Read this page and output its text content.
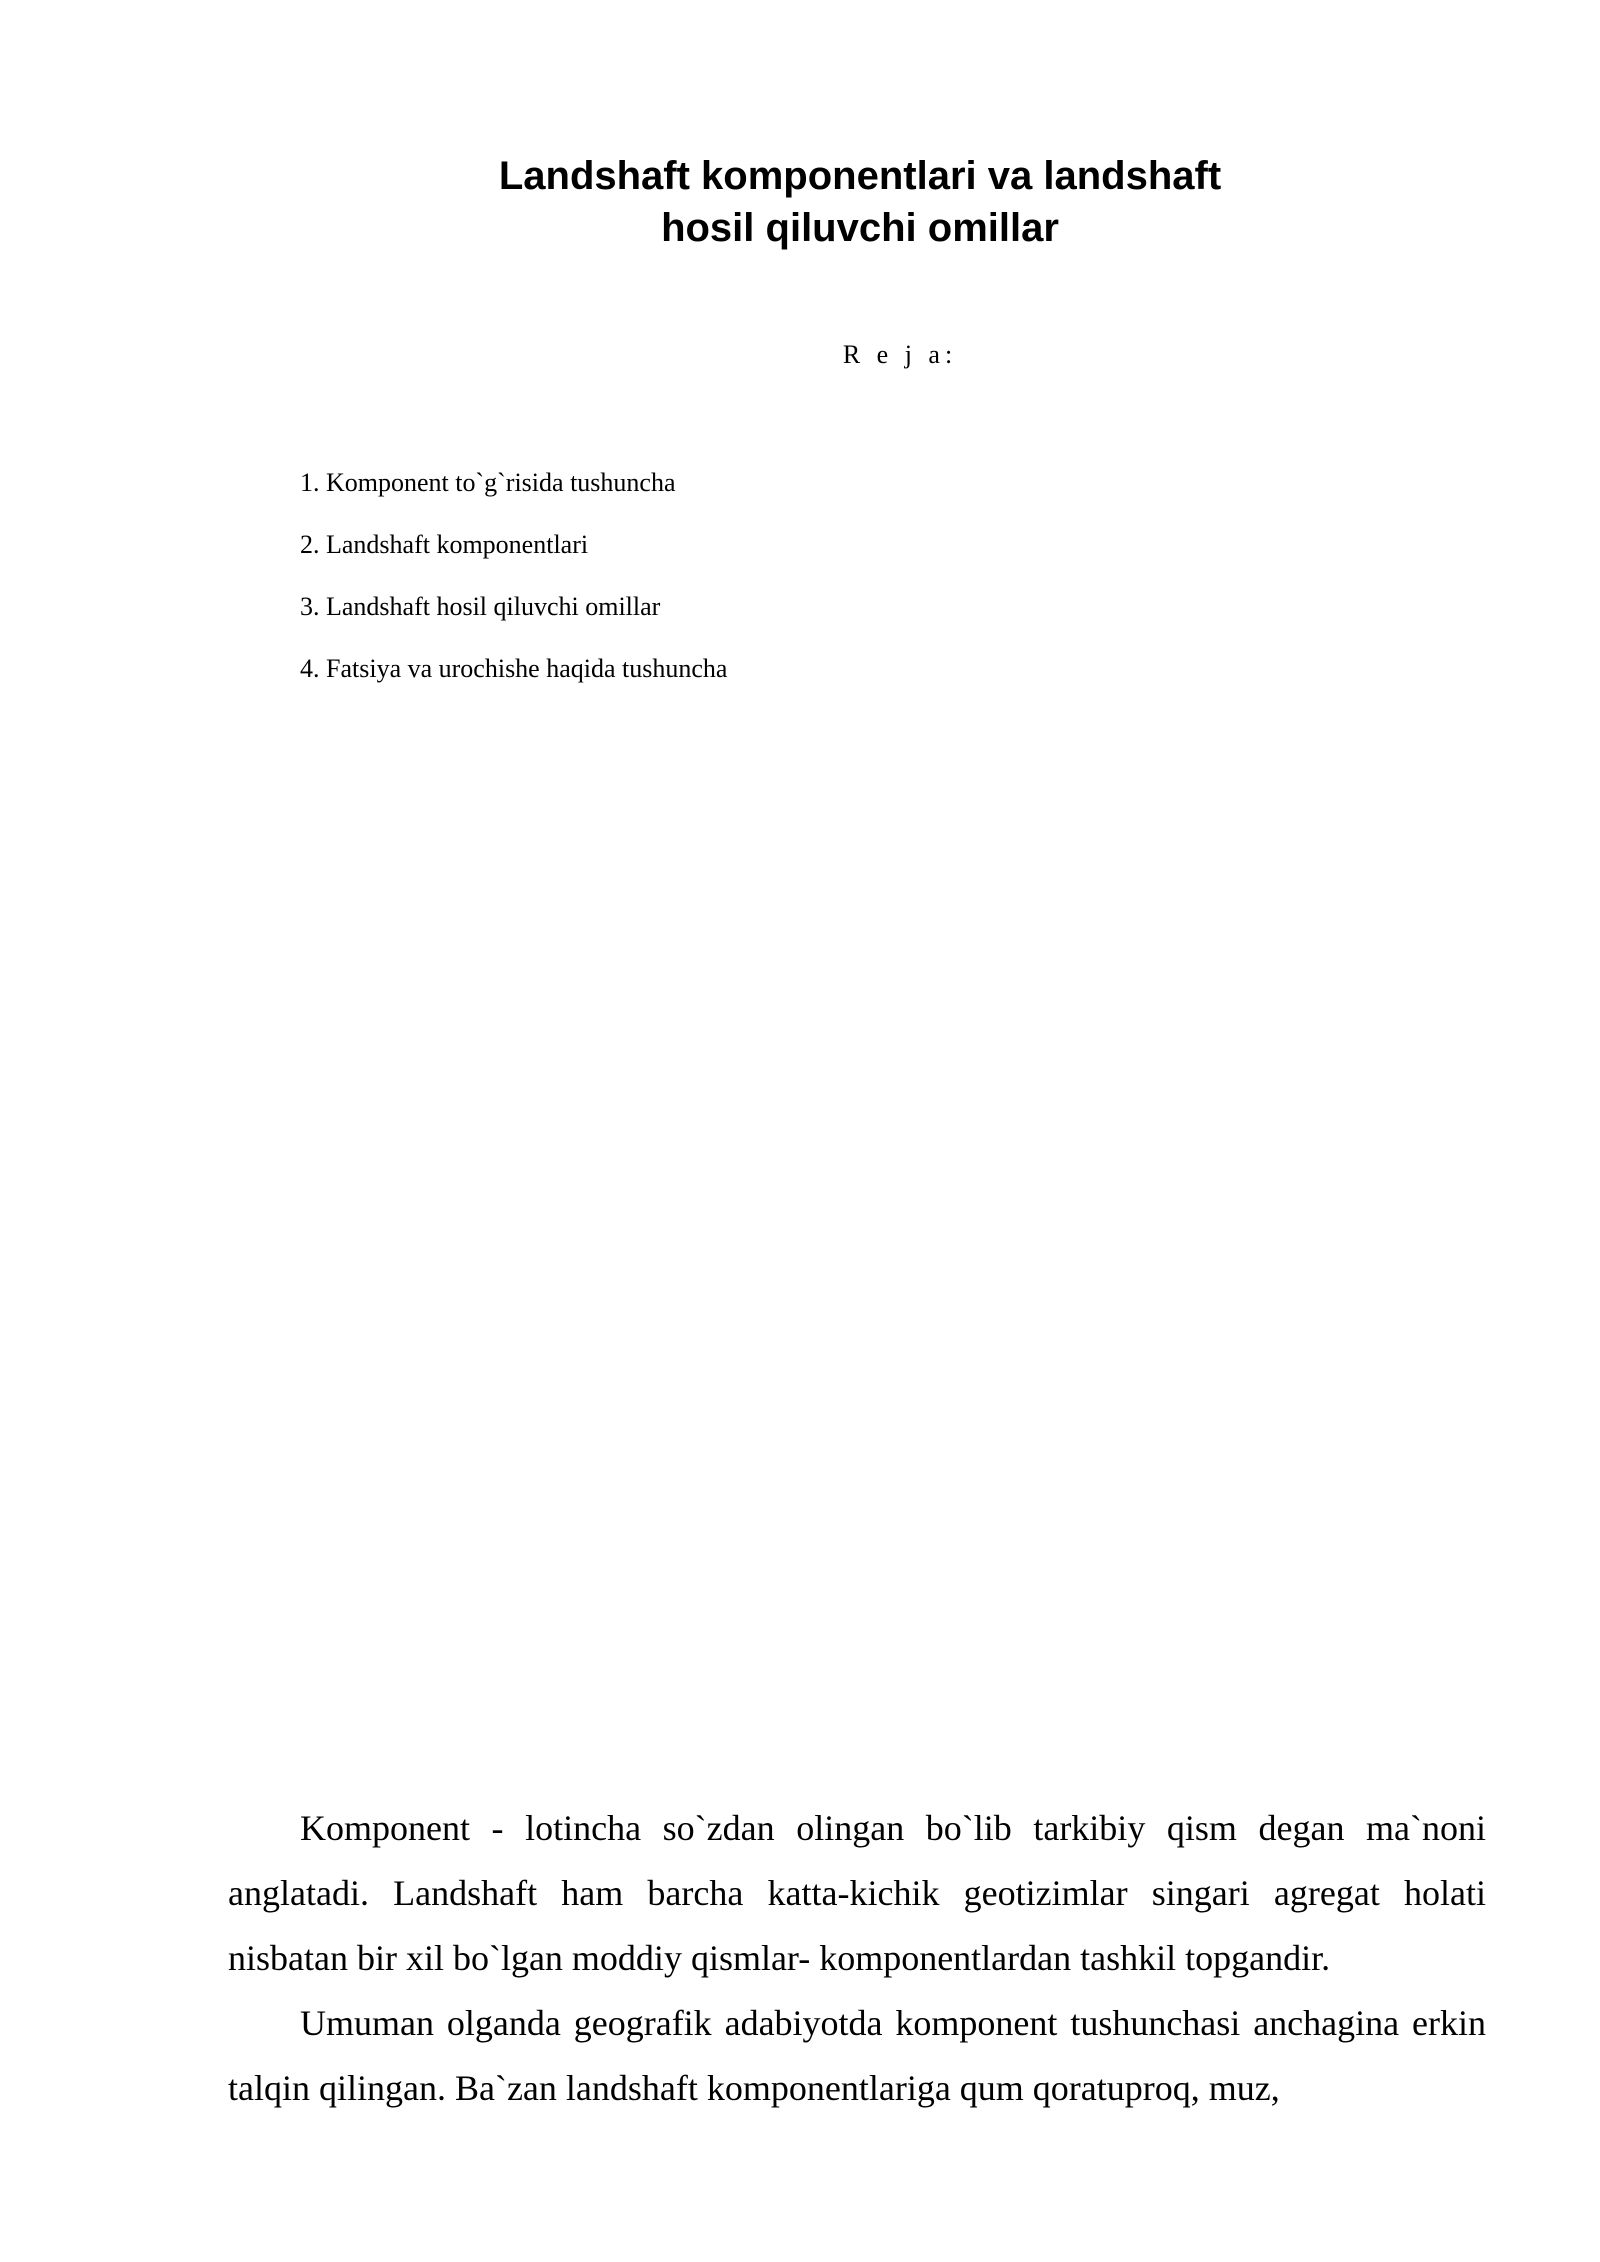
Landshaft komponentlari va landshaft
hosil qiluvchi omillar
R e j a:
1. Komponent to`g`risida tushuncha
2. Landshaft komponentlari
3. Landshaft hosil qiluvchi omillar
4. Fatsiya va urochishe haqida tushuncha

Komponent - lotincha so`zdan olingan bo`lib tarkibiy qism degan ma`noni anglatadi. Landshaft ham barcha katta-kichik geotizimlar singari agregat holati nisbatan bir xil bo`lgan moddiy qismlar- komponentlardan tashkil topgandir.

Umuman olganda geografik adabiyotda komponent tushunchasi anchagina erkin talqin qilingan. Ba`zan landshaft komponentlariga qum qoratuproq, muz,
